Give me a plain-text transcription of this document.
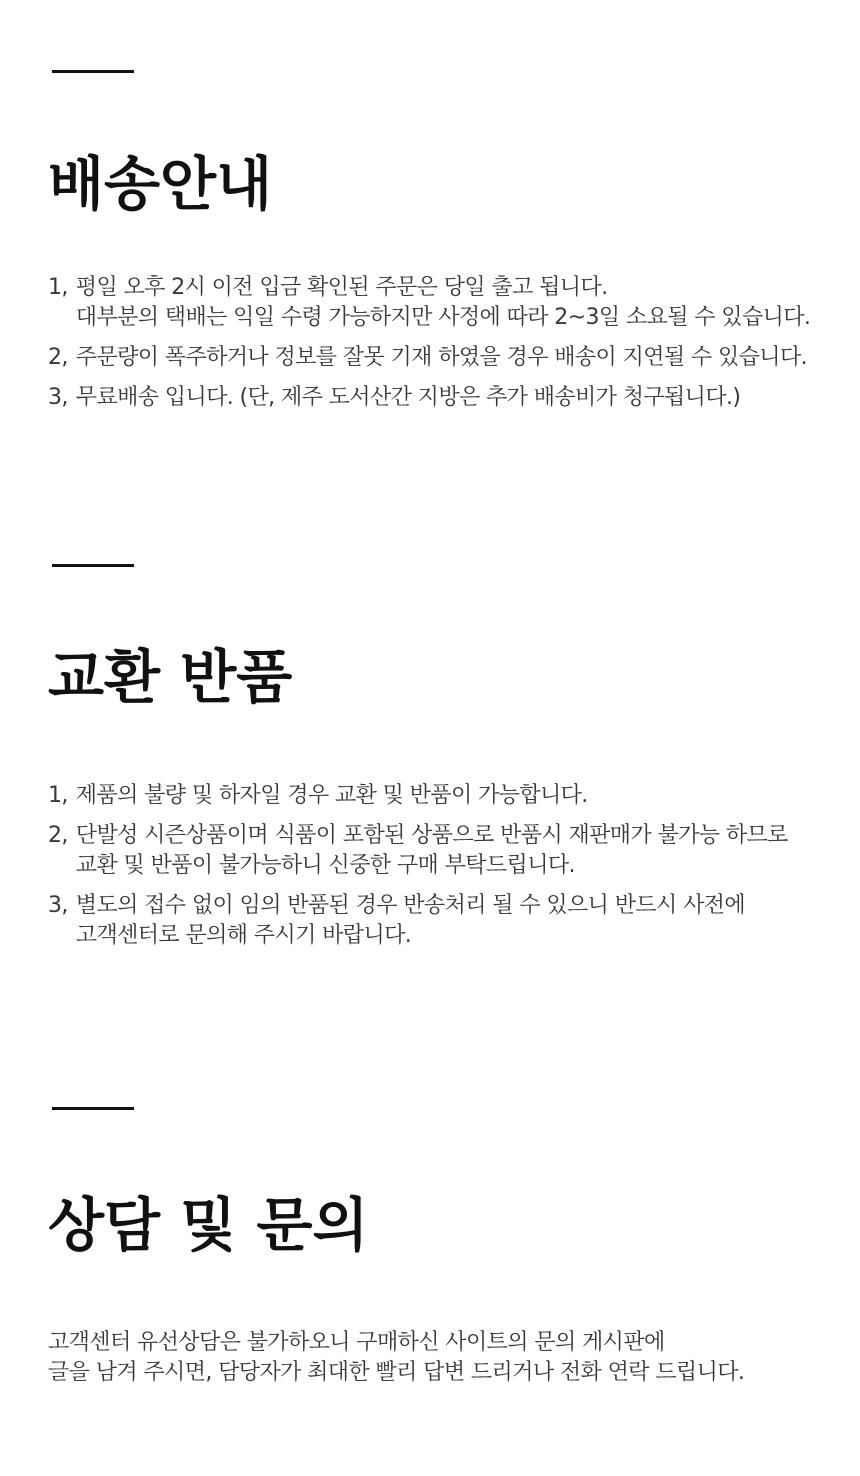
배송안내
1, 평일 오후 2시 이전 입금 확인된 주문은 당일 출고 됩니다.
대부분의 택배는 익일 수령 가능하지만 사정에 따라 2~3일 소요될 수 있습니다.
2, 주문량이 폭주하거나 정보를 잘못 기재 하였을 경우 배송이 지연될 수 있습니다.
3, 무료배송 입니다. (단, 제주 도서산간 지방은 추가 배송비가 청구됩니다.)
교환 반품
1, 제품의 불량 및 하자일 경우 교환 및 반품이 가능합니다.
2, 단발성 시즌상품이며 식품이 포함된 상품으로 반품시 재판매가 불가능 하므로
교환 및 반품이 불가능하니 신중한 구매 부탁드립니다.
3, 별도의 접수 없이 임의 반품된 경우 반송처리 될 수 있으니 반드시 사전에
고객센터로 문의해 주시기 바랍니다.
상담 및 문의

고객센터 유선상담은 불가하오니 구매하신 사이트의 문의 게시판에
글을 남겨 주시면, 담당자가 최대한 빨리 답변 드리거나 전화 연락 드립니다.
